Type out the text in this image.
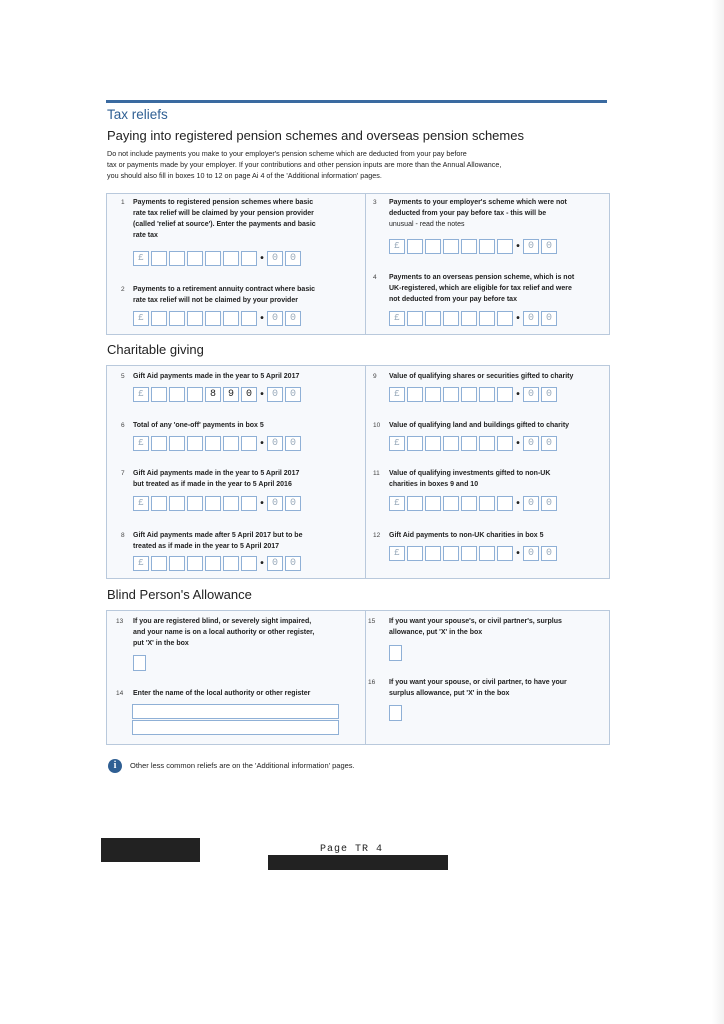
Tax reliefs
Paying into registered pension schemes and overseas pension schemes
Do not include payments you make to your employer's pension scheme which are deducted from your pay before
tax or payments made by your employer. If your contributions and other pension inputs are more than the Annual Allowance,
you should also fill in boxes 10 to 12 on page Ai 4 of the 'Additional information' pages.
1 Payments to registered pension schemes where basic
rate tax relief will be claimed by your pension provider
(called 'relief at source'). Enter the payments and basic
rate tax
£	• 0	0
2 Payments to a retirement annuity contract where basic
rate tax relief will not be claimed by your provider
£	• 0	0
3 Payments to your employer's scheme which were not
deducted from your pay before tax - this will be
unusual - read the notes
£	• 0	0
4 Payments to an overseas pension scheme, which is not
UK-registered, which are eligible for tax relief and were
not deducted from your pay before tax
£	• 0	0
Charitable giving
5 Gift Aid payments made in the year to 5 April 2017
£	8	9	0 • 0	0
6 Total of any 'one-off' payments in box 5
£	• 0	0
7 Gift Aid payments made in the year to 5 April 2017
but treated as if made in the year to 5 April 2016
£	• 0	0
8 Gift Aid payments made after 5 April 2017 but to be
treated as if made in the year to 5 April 2017
£	• 0	0
9 Value of qualifying shares or securities gifted to charity
£	• 0	0
10 Value of qualifying land and buildings gifted to charity
£	• 0	0
11 Value of qualifying investments gifted to non-UK
charities in boxes 9 and 10
£	• 0	0
12 Gift Aid payments to non-UK charities in box 5
£	• 0	0
Blind Person's Allowance
13 If you are registered blind, or severely sight impaired,
and your name is on a local authority or other register,
put 'X' in the box
14 Enter the name of the local authority or other register
15 If you want your spouse's, or civil partner's, surplus
allowance, put 'X' in the box
16 If you want your spouse, or civil partner, to have your
surplus allowance, put 'X' in the box
i	Other less common reliefs are on the 'Additional information' pages.
Page TR 4
